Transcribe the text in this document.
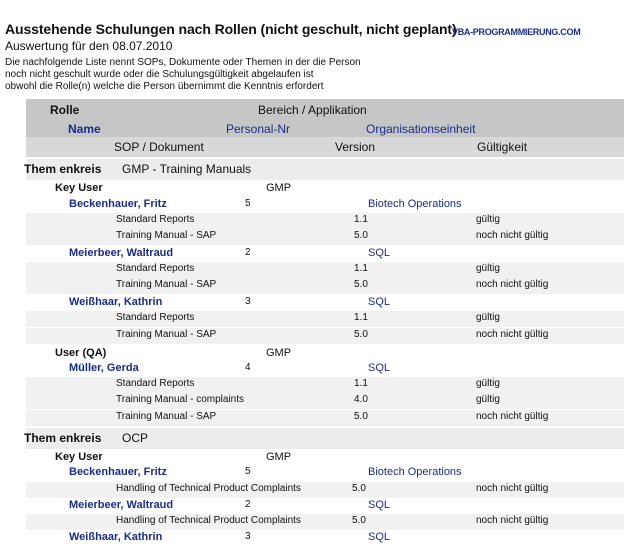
Ausstehende Schulungen nach Rollen (nicht geschult, nicht geplant)
VBA-PROGRAMMIERUNG.COM
Auswertung für den 08.07.2010
Die nachfolgende Liste nennt SOPs, Dokumente oder Themen in der die Person
noch nicht geschult wurde oder die Schulungsgültigkeit abgelaufen ist
obwohl die Rolle(n) welche die Person übernimmt die Kenntnis erfordert
Rolle	Bereich / Applikation
Name	Personal-Nr	Organisationseinheit
SOP / Dokument	Version	Gültigkeit
Them enkreis GMP - Training Manuals
Key User	GMP
Beckenhauer, Fritz	5	Biotech Operations
Standard Reports	1.1	gültig
Training Manual - SAP	5.0	noch nicht gültig
Meierbeer, Waltraud	2	SQL
Standard Reports	1.1	gültig
Training Manual - SAP	5.0	noch nicht gültig
Weißhaar, Kathrin	3	SQL
Standard Reports	1.1	gültig
Training Manual - SAP	5.0	noch nicht gültig
User (QA)	GMP
Müller, Gerda	4	SQL
Standard Reports	1.1	gültig
Training Manual - complaints	4.0	gültig
Training Manual - SAP	5.0	noch nicht gültig
Them enkreis OCP
Key User	GMP
Beckenhauer, Fritz	5	Biotech Operations
Handling of Technical Product Complaints	5.0	noch nicht gültig
Meierbeer, Waltraud	2	SQL
Handling of Technical Product Complaints	5.0	noch nicht gültig
Weißhaar, Kathrin	3	SQL
